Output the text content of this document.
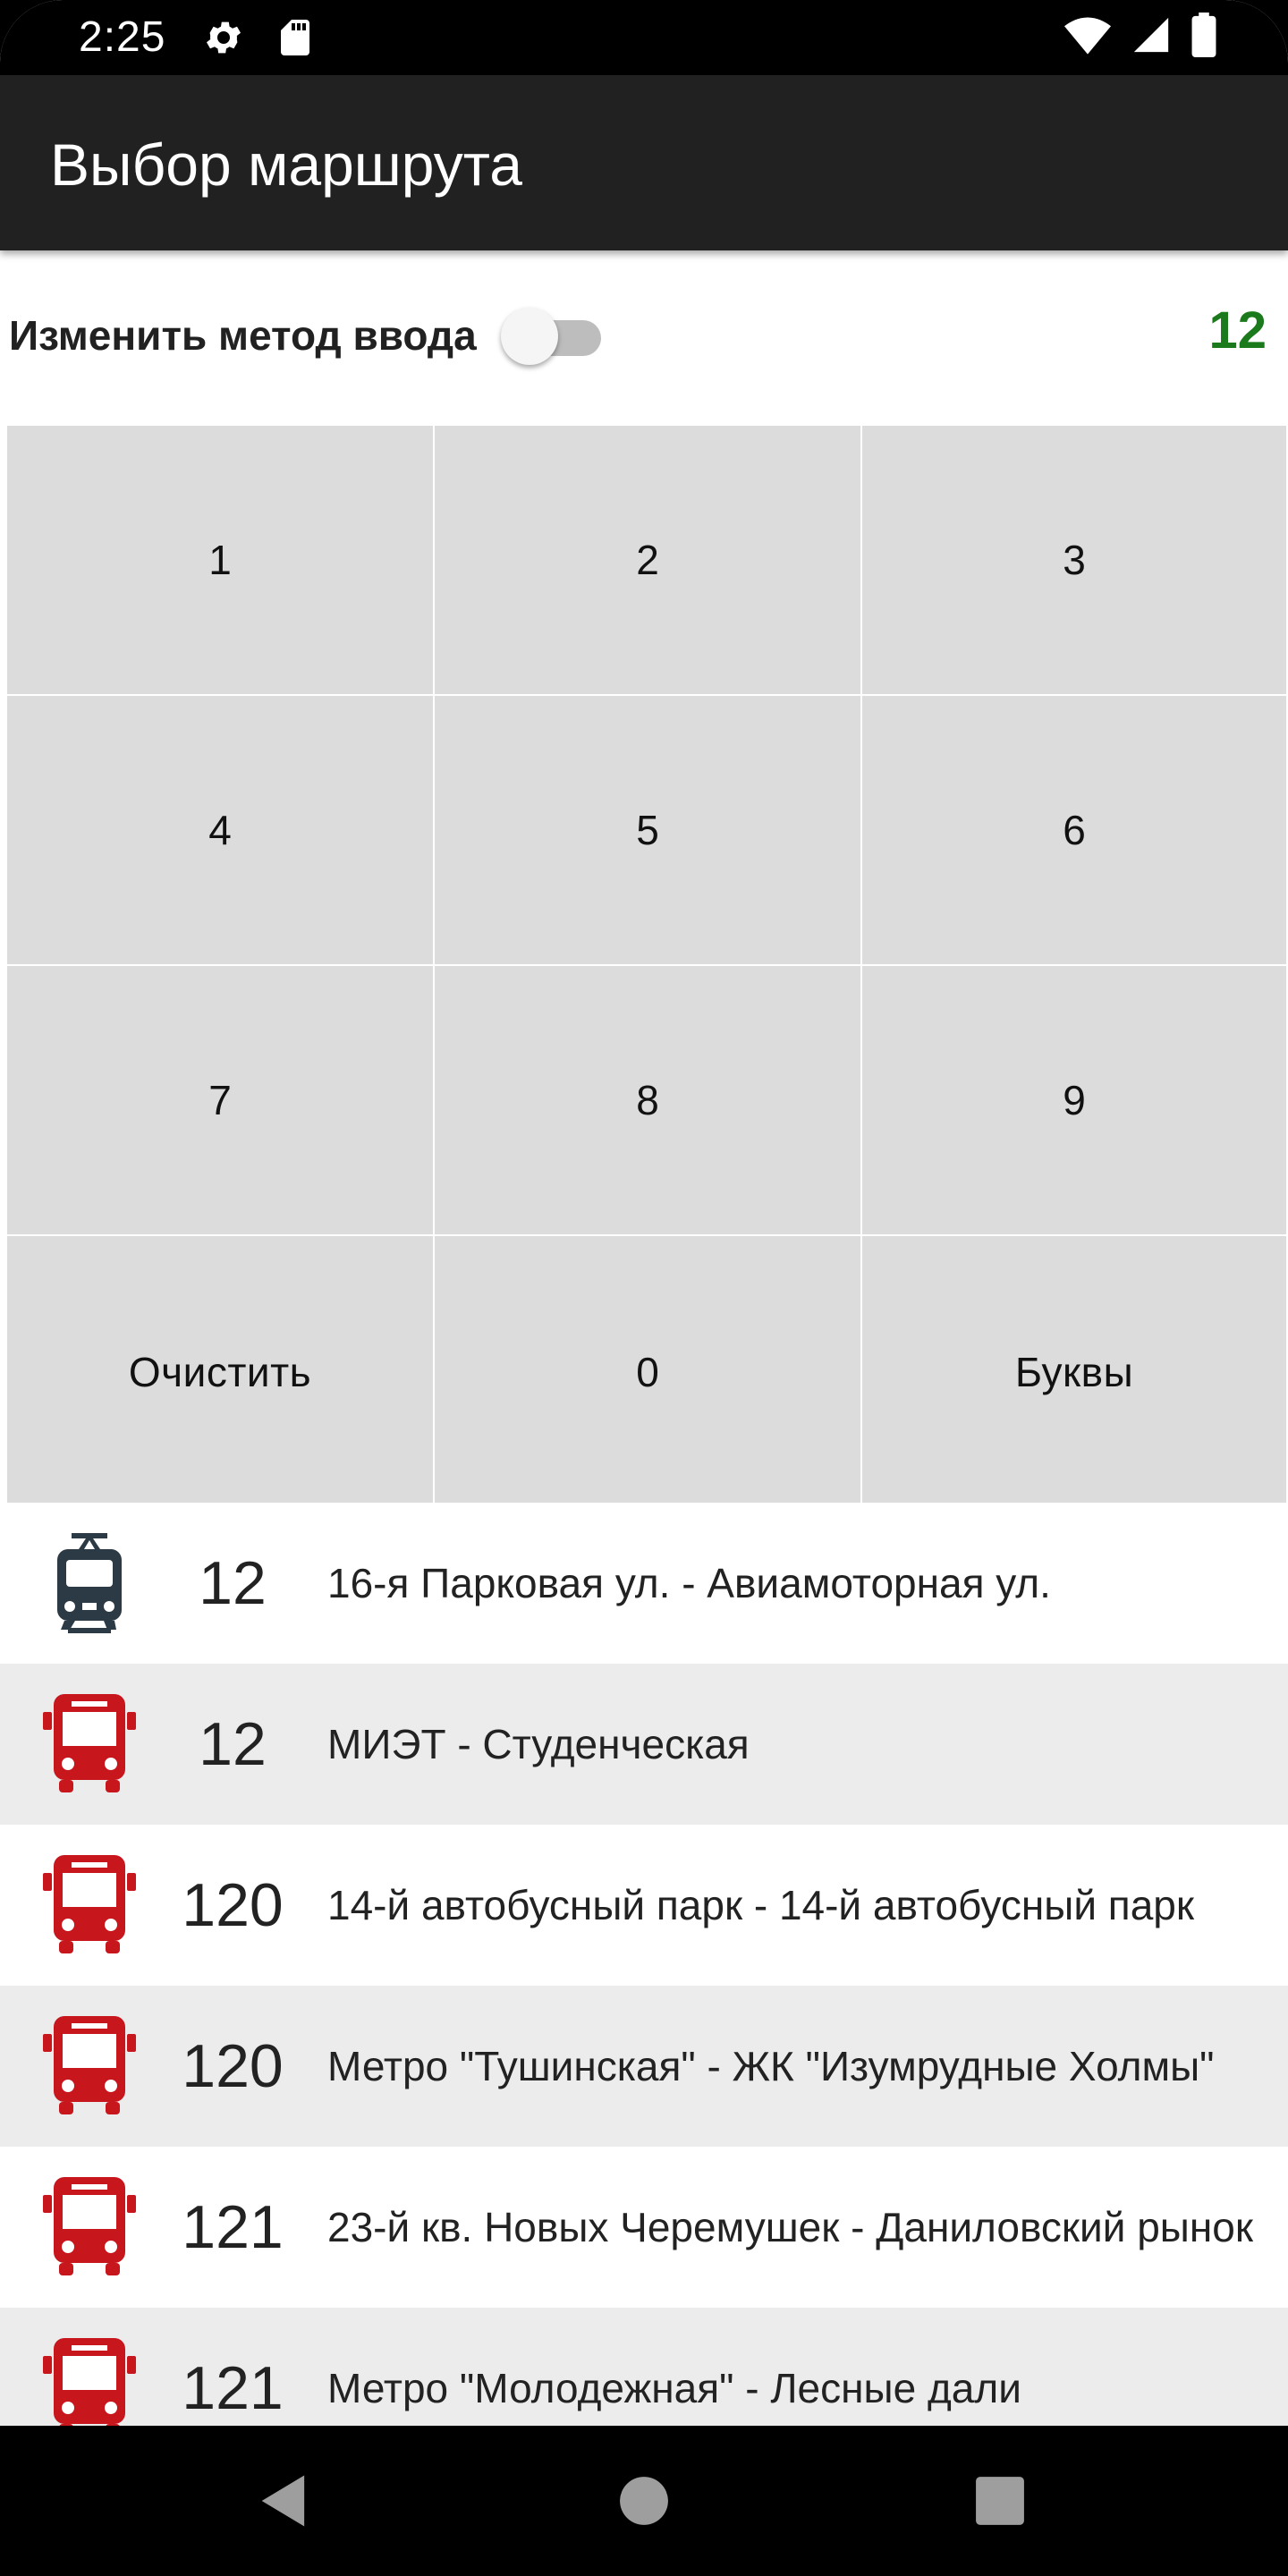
2:25
Выбор маршрута
Изменить метод ввода	12
1	2	3
4	5	6
7	8	9
Очистить	0	Буквы
12	16-я Парковая ул. - Авиамоторная ул.
12	МИЭТ - Студенческая
120	14-й автобусный парк - 14-й автобусный парк
120	Метро "Тушинская" - ЖК "Изумрудные Холмы"
121	23-й кв. Новых Черемушек - Даниловский рынок
121	Метро "Молодежная" - Лесные дали
